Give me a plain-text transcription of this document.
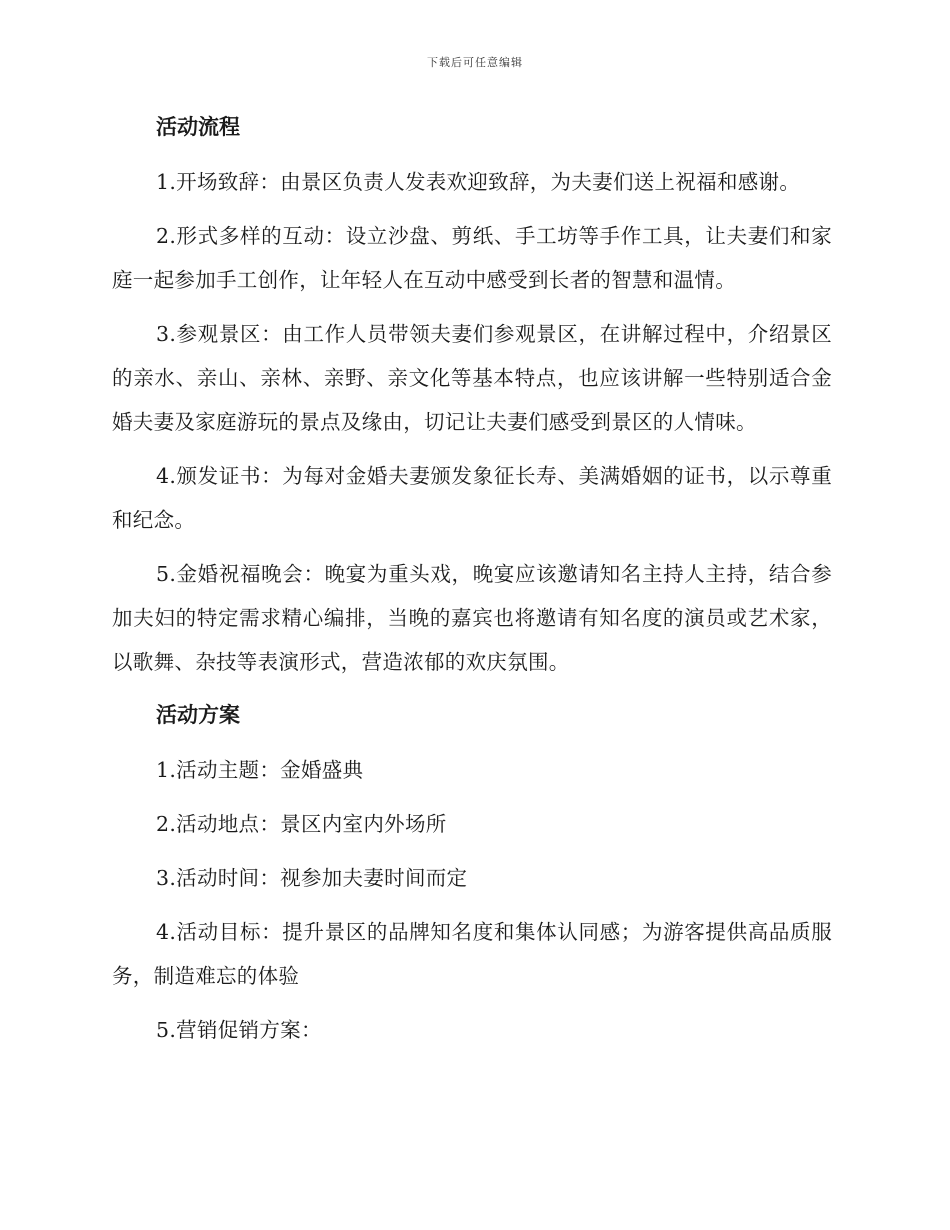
下载后可任意编辑
活动流程

1.开场致辞：由景区负责人发表欢迎致辞，为夫妻们送上祝福和感谢。

2.形式多样的互动：设立沙盘、剪纸、手工坊等手作工具，让夫妻们和家庭一起参加手工创作，让年轻人在互动中感受到长者的智慧和温情。

3.参观景区：由工作人员带领夫妻们参观景区，在讲解过程中，介绍景区的亲水、亲山、亲林、亲野、亲文化等基本特点，也应该讲解一些特别适合金婚夫妻及家庭游玩的景点及缘由，切记让夫妻们感受到景区的人情味。

4.颁发证书：为每对金婚夫妻颁发象征长寿、美满婚姻的证书，以示尊重和纪念。

5.金婚祝福晚会：晚宴为重头戏，晚宴应该邀请知名主持人主持，结合参加夫妇的特定需求精心编排，当晚的嘉宾也将邀请有知名度的演员或艺术家，以歌舞、杂技等表演形式，营造浓郁的欢庆氛围。

活动方案

1.活动主题：金婚盛典

2.活动地点：景区内室内外场所

3.活动时间：视参加夫妻时间而定

4.活动目标：提升景区的品牌知名度和集体认同感；为游客提供高品质服务，制造难忘的体验

5.营销促销方案：
